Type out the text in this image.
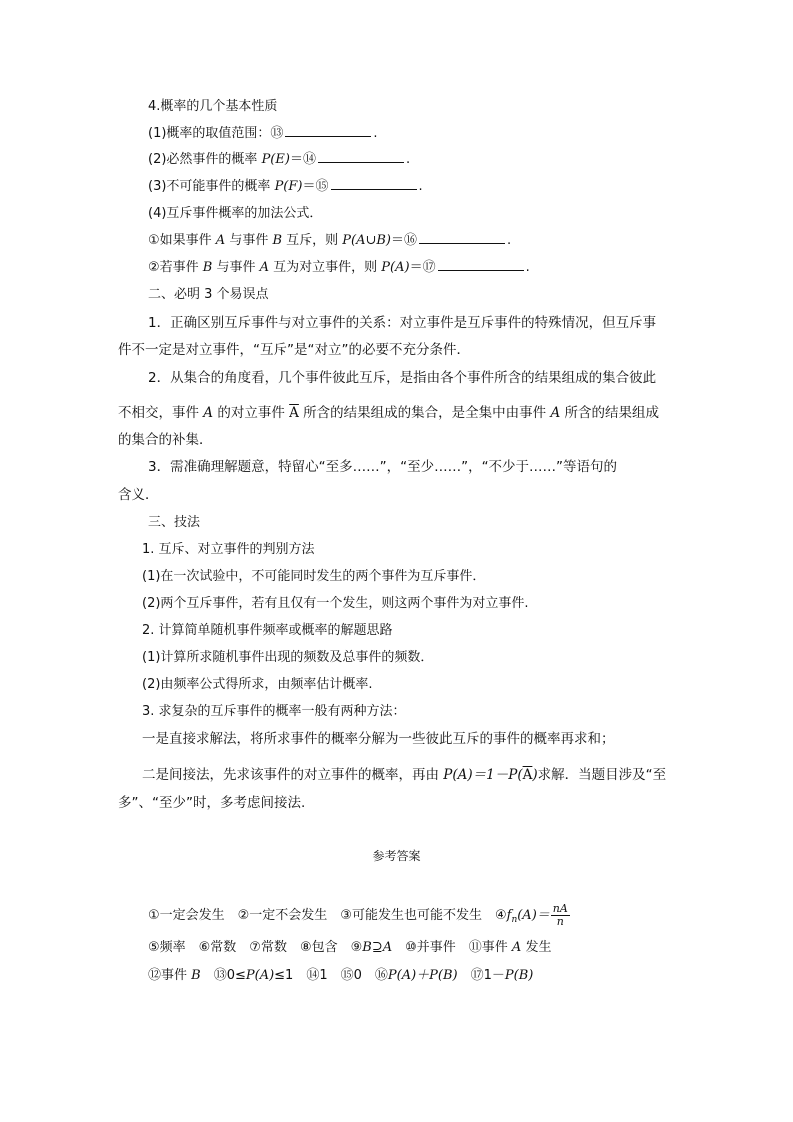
4.概率的几个基本性质
(1)概率的取值范围：⑬	.
(2)必然事件的概率 P(E)＝⑭	.
(3)不可能事件的概率 P(F)＝⑮	.
(4)互斥事件概率的加法公式．
①如果事件 A 与事件 B 互斥，则 P(A∪B)＝⑯	.
②若事件 B 与事件 A 互为对立事件，则 P(A)＝⑰	.
二、必明 3 个易误点
1．正确区别互斥事件与对立事件的关系：对立事件是互斥事件的特殊情况，但互斥事
件不一定是对立事件，“互斥”是“对立”的必要不充分条件．
2．从集合的角度看，几个事件彼此互斥，是指由各个事件所含的结果组成的集合彼此
不相交，事件 A 的对立事件 $\overline{A}$ 所含的结果组成的集合，是全集中由事件 A 所含的结果组成
的集合的补集．
3．需准确理解题意，特留心“至多……”，“至少……”，“不少于……”等语句的
含义．
三、技法
1. 互斥、对立事件的判别方法
(1)在一次试验中，不可能同时发生的两个事件为互斥事件．
(2)两个互斥事件，若有且仅有一个发生，则这两个事件为对立事件.
2. 计算简单随机事件频率或概率的解题思路
(1)计算所求随机事件出现的频数及总事件的频数．
(2)由频率公式得所求，由频率估计概率.
3. 求复杂的互斥事件的概率一般有两种方法：
一是直接求解法，将所求事件的概率分解为一些彼此互斥的事件的概率再求和；
二是间接法，先求该事件的对立事件的概率，再由 $P(A)=1-P(\overline{A})$求解．当题目涉及“至
多”、“至少”时，多考虑间接法.
参考答案
①一定会发生　②一定不会发生　③可能发生也可能不发生　$④f_n(A)= \frac{nA}{n}$
⑤频率　⑥常数　⑦常数　⑧包含　⑨B⊇A　⑩并事件　⑪事件 A 发生
⑫事件 B　⑬0≤P(A)≤1　⑭1　⑮0　⑯P(A)＋P(B)　⑰1－P(B)
